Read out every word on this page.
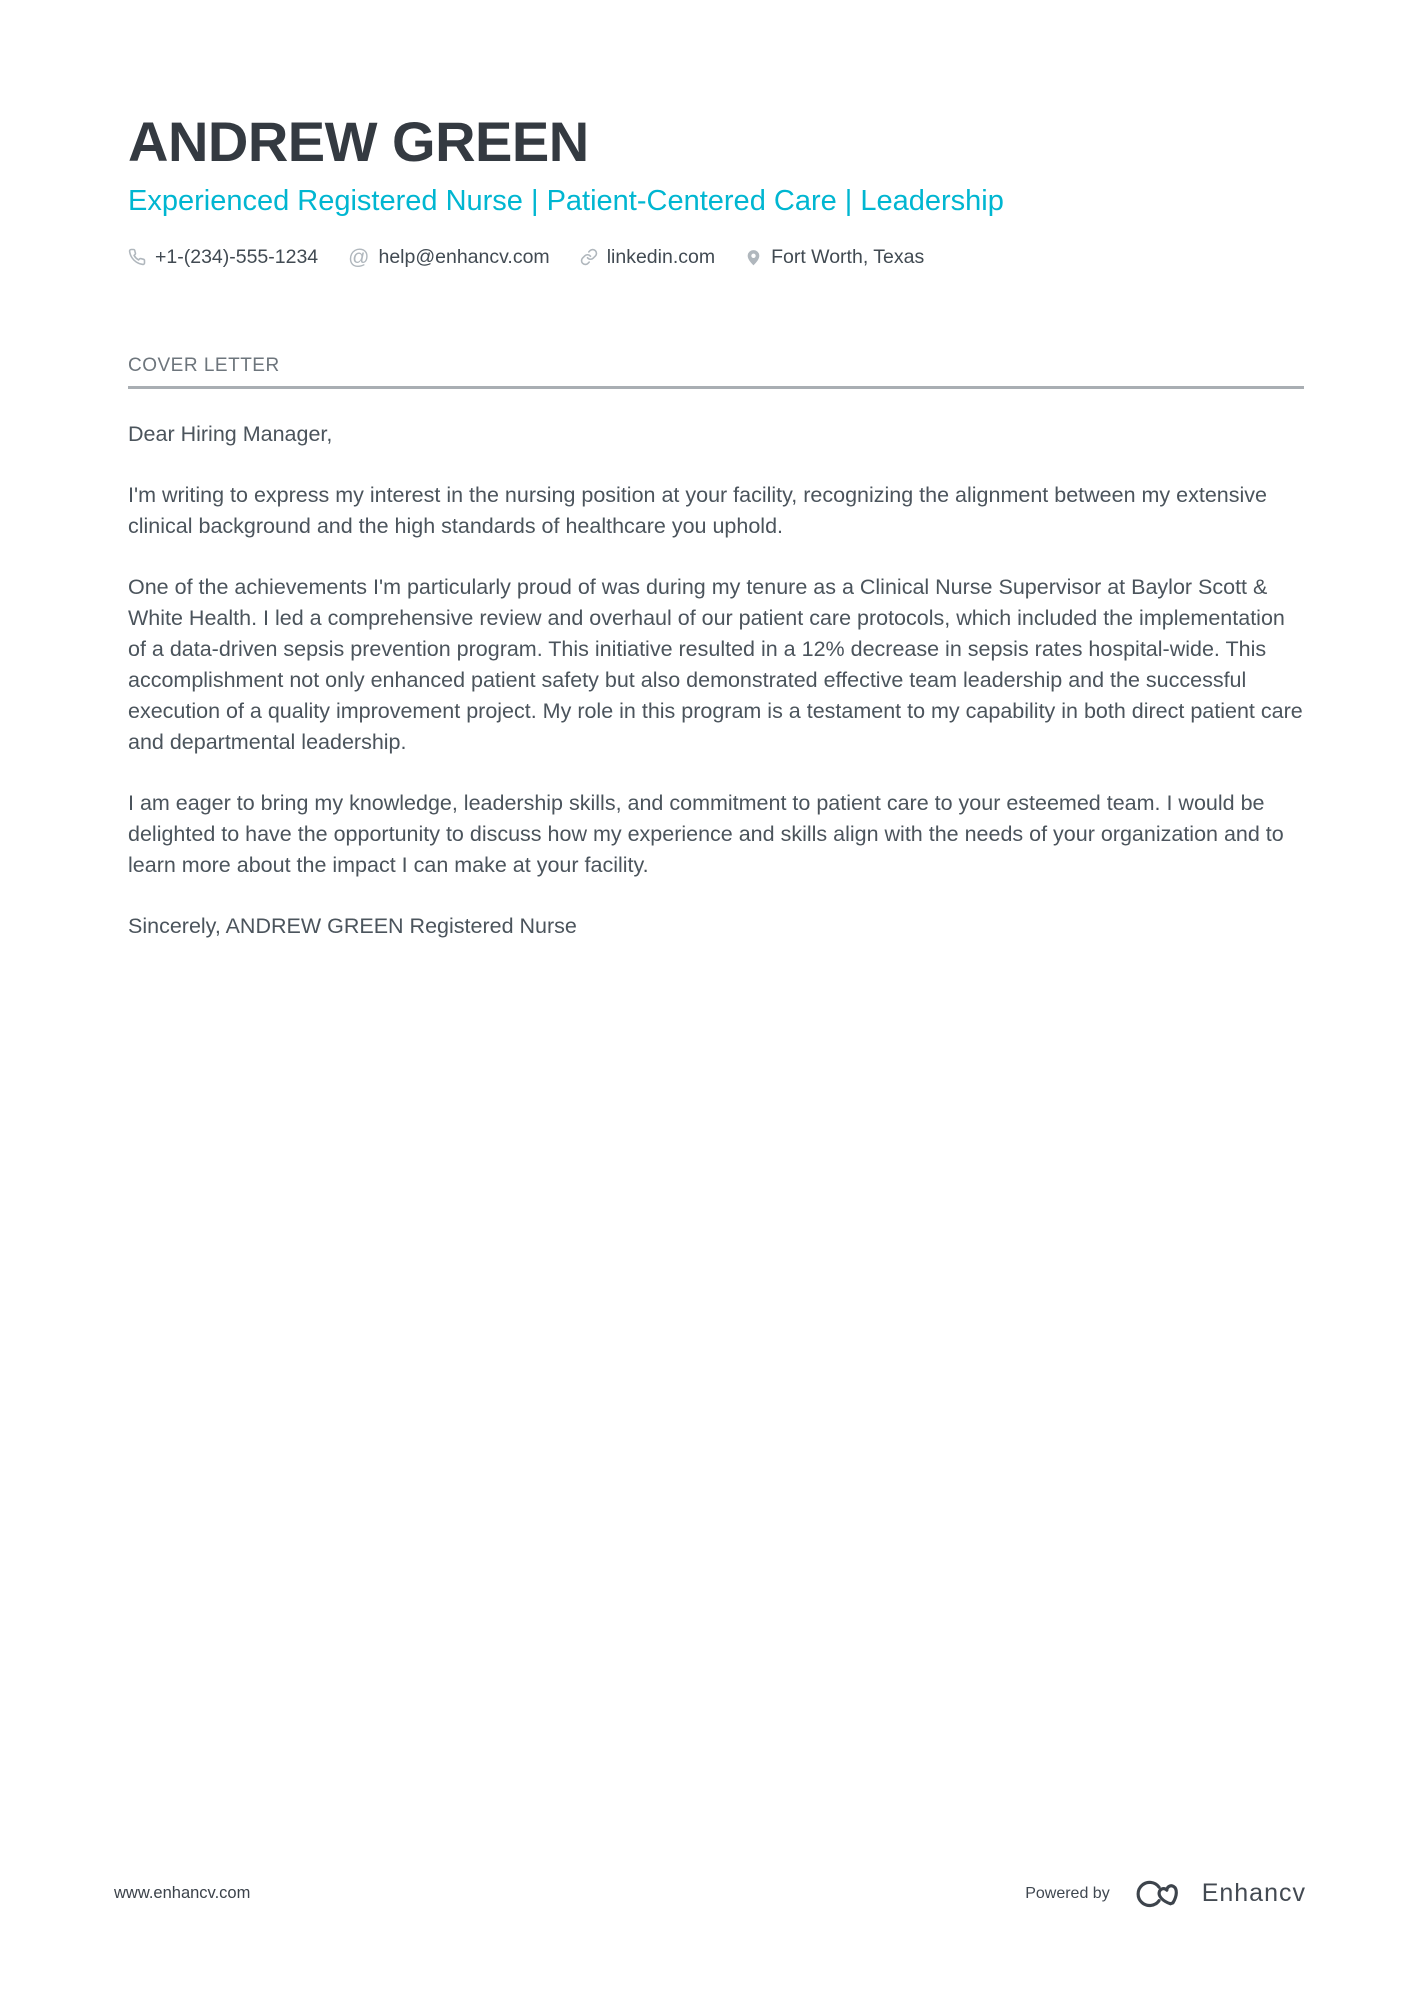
ANDREW GREEN
Experienced Registered Nurse | Patient-Centered Care | Leadership
+1-(234)-555-1234 @ help@enhancv.com	linkedin.com	Fort Worth, Texas
COVER LETTER

Dear Hiring Manager,

I'm writing to express my interest in the nursing position at your facility, recognizing the alignment between my extensive clinical background and the high standards of healthcare you uphold.

One of the achievements I'm particularly proud of was during my tenure as a Clinical Nurse Supervisor at Baylor Scott & White Health. I led a comprehensive review and overhaul of our patient care protocols, which included the implementation of a data-driven sepsis prevention program. This initiative resulted in a 12% decrease in sepsis rates hospital-wide. This accomplishment not only enhanced patient safety but also demonstrated effective team leadership and the successful execution of a quality improvement project. My role in this program is a testament to my capability in both direct patient care and departmental leadership.

I am eager to bring my knowledge, leadership skills, and commitment to patient care to your esteemed team. I would be delighted to have the opportunity to discuss how my experience and skills align with the needs of your organization and to learn more about the impact I can make at your facility.

Sincerely, ANDREW GREEN Registered Nurse

www.enhancv.com	Powered by	Enhancv
